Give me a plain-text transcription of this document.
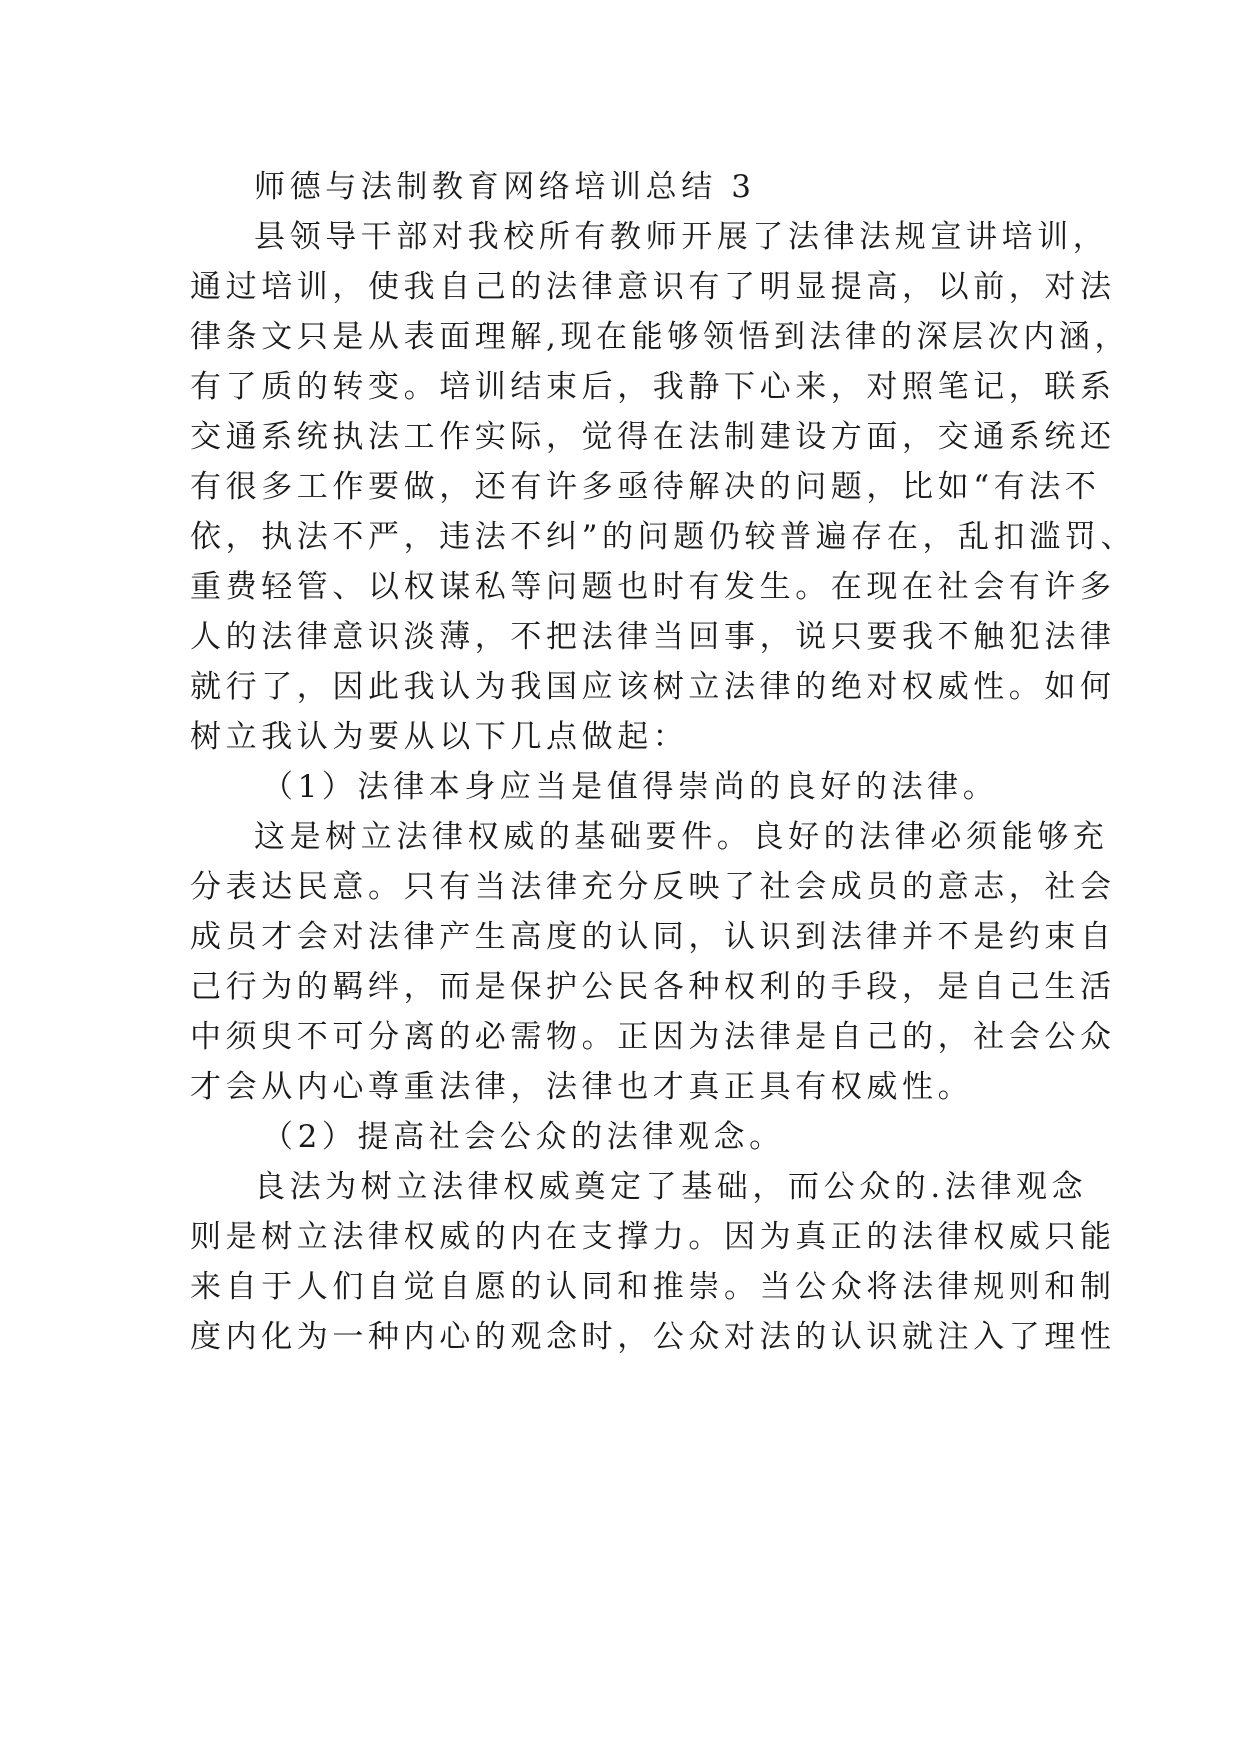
师德与法制教育网络培训总结 3
县领导干部对我校所有教师开展了法律法规宣讲培训，
通过培训，使我自己的法律意识有了明显提高，以前，对法
律条文只是从表面理解,现在能够领悟到法律的深层次内涵，
有了质的转变。培训结束后，我静下心来，对照笔记，联系
交通系统执法工作实际，觉得在法制建设方面，交通系统还
有很多工作要做，还有许多亟待解决的问题，比如“有法不
依，执法不严，违法不纠”的问题仍较普遍存在，乱扣滥罚、
重费轻管、以权谋私等问题也时有发生。在现在社会有许多
人的法律意识淡薄，不把法律当回事，说只要我不触犯法律
就行了，因此我认为我国应该树立法律的绝对权威性。如何
树立我认为要从以下几点做起：
（1）法律本身应当是值得崇尚的良好的法律。
这是树立法律权威的基础要件。良好的法律必须能够充
分表达民意。只有当法律充分反映了社会成员的意志，社会
成员才会对法律产生高度的认同，认识到法律并不是约束自
己行为的羁绊，而是保护公民各种权利的手段，是自己生活
中须臾不可分离的必需物。正因为法律是自己的，社会公众
才会从内心尊重法律，法律也才真正具有权威性。
（2）提高社会公众的法律观念。
良法为树立法律权威奠定了基础，而公众的.法律观念
则是树立法律权威的内在支撑力。因为真正的法律权威只能
来自于人们自觉自愿的认同和推崇。当公众将法律规则和制
度内化为一种内心的观念时，公众对法的认识就注入了理性
